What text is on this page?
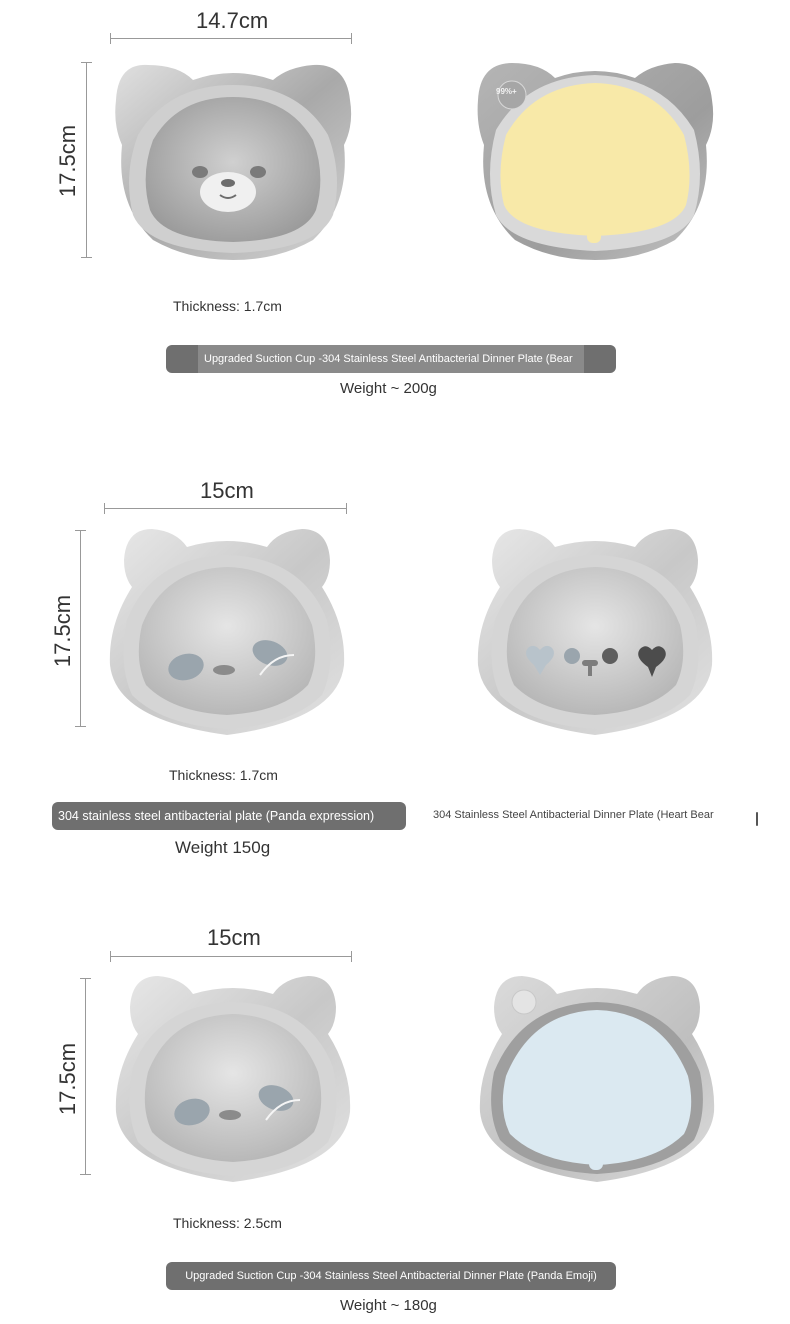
14.7cm
17.5cm
99%+
Thickness: 1.7cm
Upgraded Suction Cup -304 Stainless Steel Antibacterial Dinner Plate (Bear
Weight ~ 200g
15cm
17.5cm
Thickness: 1.7cm
304 stainless steel antibacterial plate (Panda expression)	304 Stainless Steel Antibacterial Dinner Plate (Heart Bear
Weight 150g
15cm
17.5cm
Thickness: 2.5cm
Upgraded Suction Cup -304 Stainless Steel Antibacterial Dinner Plate (Panda Emoji)
Weight ~ 180g
